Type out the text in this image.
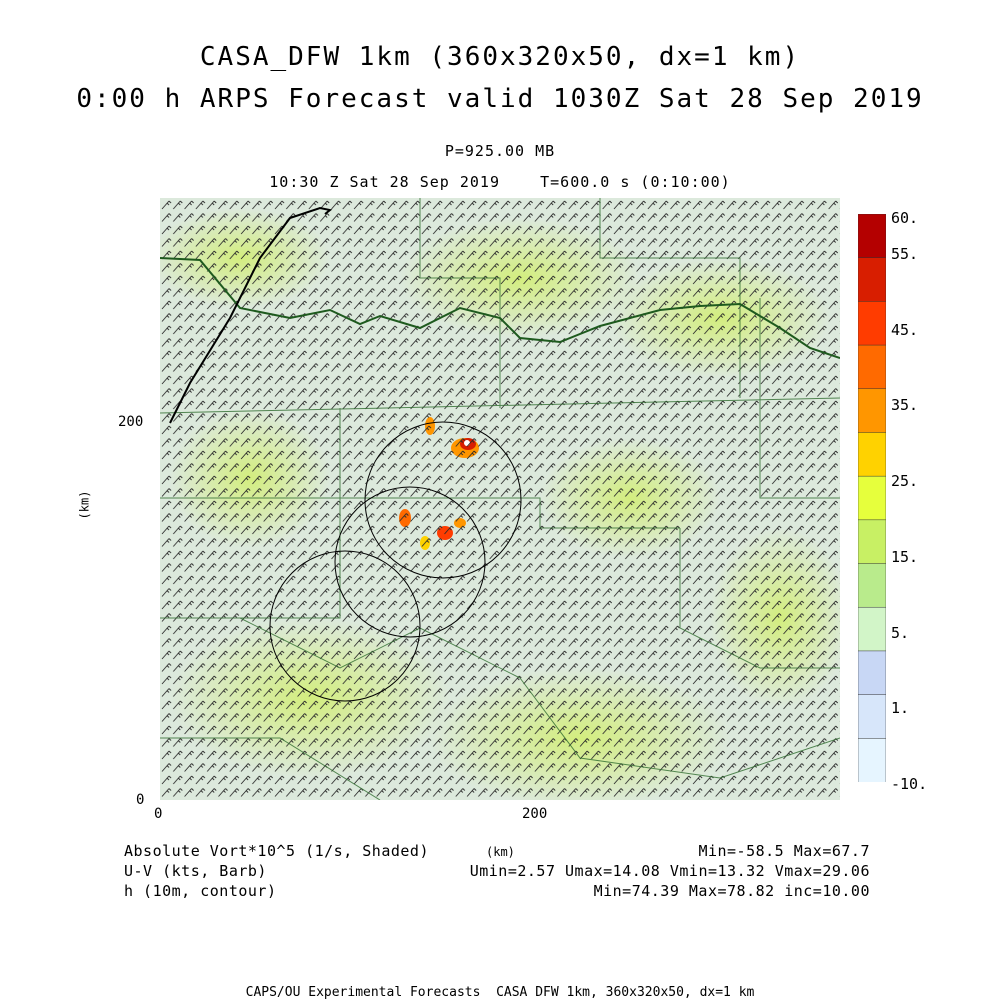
CASA_DFW 1km (360x320x50, dx=1 km)
0:00 h ARPS Forecast valid 1030Z Sat 28 Sep 2019
P=925.00 MB
10:30 Z Sat 28 Sep 2019    T=600.0 s (0:10:00)
200
0
0	200
(km)
(km)
60.
55.
45.
35.
25.
15.
5.
1.
-10.
Absolute Vort*10^5 (1/s, Shaded)
U-V (kts, Barb)
h (10m, contour)
Min=-58.5 Max=67.7
Umin=2.57 Umax=14.08 Vmin=13.32 Vmax=29.06
Min=74.39 Max=78.82 inc=10.00
CAPS/OU Experimental Forecasts  CASA DFW 1km, 360x320x50, dx=1 km
